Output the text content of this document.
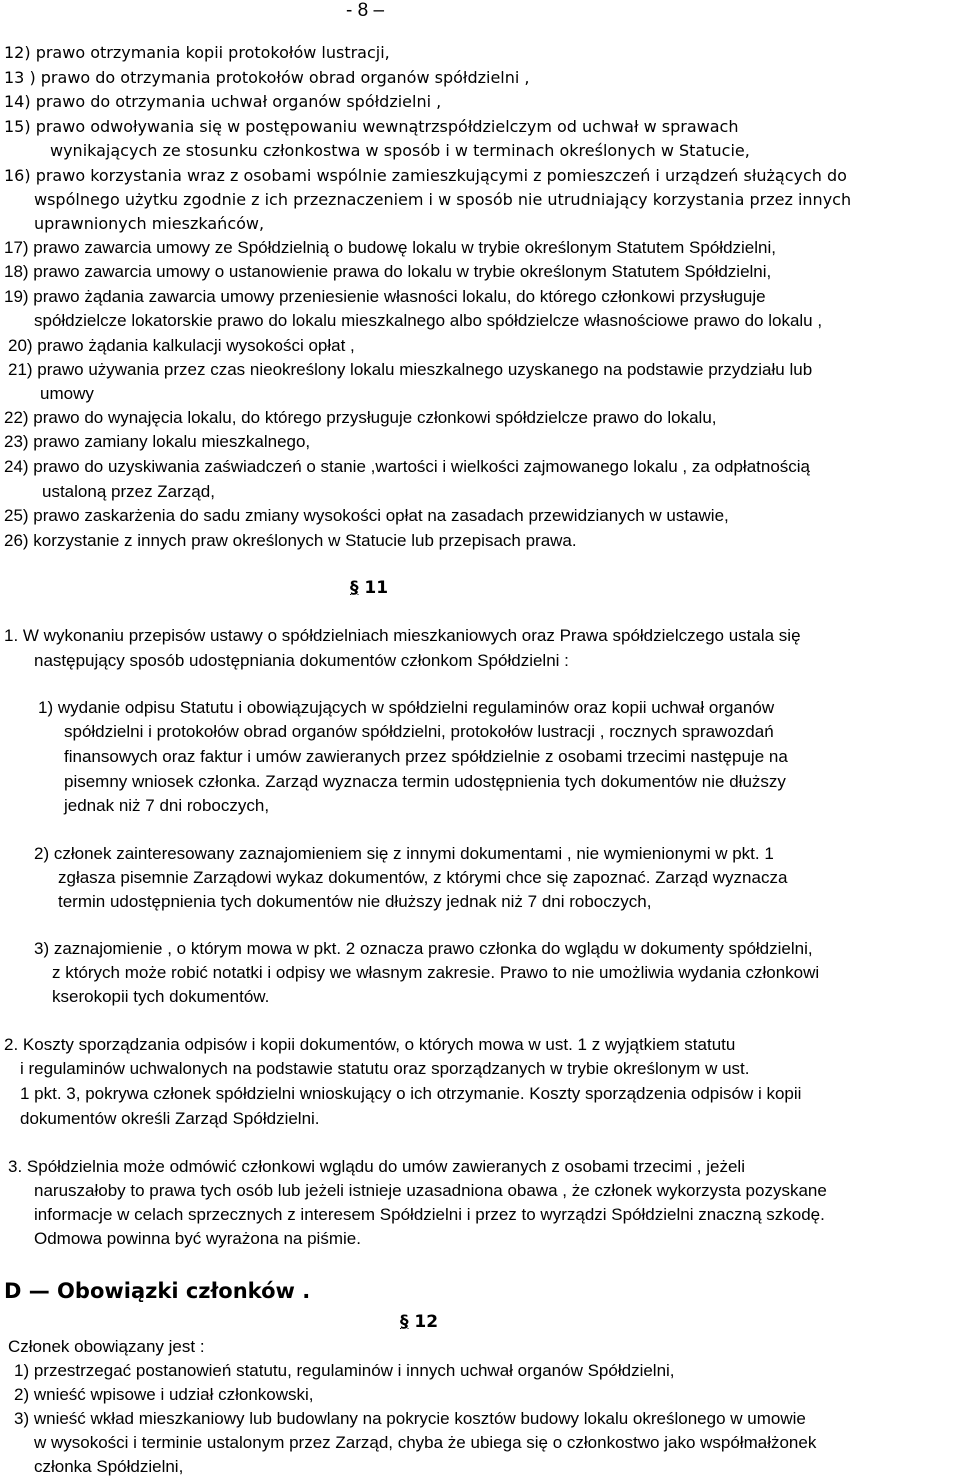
- 8 –
12) prawo otrzymania kopii protokołów lustracji,
13 ) prawo do otrzymania protokołów obrad organów spółdzielni ,
14) prawo do otrzymania uchwał organów spółdzielni ,
15) prawo odwoływania się w postępowaniu wewnątrzspółdzielczym od uchwał w sprawach
wynikających ze stosunku członkostwa w sposób i w terminach określonych w Statucie,
16) prawo korzystania wraz z osobami wspólnie zamieszkującymi z pomieszczeń i urządzeń służących do
wspólnego użytku zgodnie z ich przeznaczeniem i w sposób nie utrudniający korzystania przez innych
uprawnionych mieszkańców,
17) prawo zawarcia umowy ze Spółdzielnią o budowę lokalu w trybie określonym Statutem Spółdzielni,
18) prawo zawarcia umowy o ustanowienie prawa do lokalu w trybie określonym Statutem Spółdzielni,
19) prawo żądania zawarcia umowy przeniesienie własności lokalu, do którego członkowi przysługuje
spółdzielcze lokatorskie prawo do lokalu mieszkalnego albo spółdzielcze własnościowe prawo do lokalu ,
20) prawo żądania kalkulacji wysokości opłat ,
21) prawo używania przez czas nieokreślony lokalu mieszkalnego uzyskanego na podstawie przydziału lub
umowy
22) prawo do wynajęcia lokalu, do którego przysługuje członkowi spółdzielcze prawo do lokalu,
23) prawo zamiany lokalu mieszkalnego,
24) prawo do uzyskiwania zaświadczeń o stanie ,wartości i wielkości zajmowanego lokalu , za odpłatnością
ustaloną przez Zarząd,
25) prawo zaskarżenia do sadu zmiany wysokości opłat na zasadach przewidzianych w ustawie,
26) korzystanie z innych praw określonych w Statucie lub przepisach prawa.
§ 11
1. W wykonaniu przepisów ustawy o spółdzielniach mieszkaniowych oraz Prawa spółdzielczego ustala się
następujący sposób udostępniania dokumentów członkom Spółdzielni :
1) wydanie odpisu Statutu i obowiązujących w spółdzielni regulaminów oraz kopii uchwał organów
spółdzielni i protokołów obrad organów spółdzielni, protokołów lustracji , rocznych sprawozdań
finansowych oraz faktur i umów zawieranych przez spółdzielnie z osobami trzecimi następuje na
pisemny wniosek członka. Zarząd wyznacza termin udostępnienia tych dokumentów nie dłuższy
jednak niż 7 dni roboczych,
2) członek zainteresowany zaznajomieniem się z innymi dokumentami , nie wymienionymi w pkt. 1
zgłasza pisemnie Zarządowi wykaz dokumentów, z którymi chce się zapoznać. Zarząd wyznacza
termin udostępnienia tych dokumentów nie dłuższy jednak niż 7 dni roboczych,
3) zaznajomienie , o którym mowa w pkt. 2 oznacza prawo członka do wglądu w dokumenty spółdzielni,
z których może robić notatki i odpisy we własnym zakresie. Prawo to nie umożliwia wydania członkowi
kserokopii tych dokumentów.
2. Koszty sporządzania odpisów i kopii dokumentów, o których mowa w ust. 1 z wyjątkiem statutu
i regulaminów uchwalonych na podstawie statutu oraz sporządzanych w trybie określonym w ust.
1 pkt. 3, pokrywa członek spółdzielni wnioskujący o ich otrzymanie. Koszty sporządzenia odpisów i kopii
dokumentów określi Zarząd Spółdzielni.
3. Spółdzielnia może odmówić członkowi wglądu do umów zawieranych z osobami trzecimi , jeżeli
naruszałoby to prawa tych osób lub jeżeli istnieje uzasadniona obawa , że członek wykorzysta pozyskane
informacje w celach sprzecznych z interesem Spółdzielni i przez to wyrządzi Spółdzielni znaczną szkodę.
Odmowa powinna być wyrażona na piśmie.
D — Obowiązki członków .
§ 12
Członek obowiązany jest :
1) przestrzegać postanowień statutu, regulaminów i innych uchwał organów Spółdzielni,
2) wnieść wpisowe i udział członkowski,
3) wnieść wkład mieszkaniowy lub budowlany na pokrycie kosztów budowy lokalu określonego w umowie
w wysokości i terminie ustalonym przez Zarząd, chyba że ubiega się o członkostwo jako współmałżonek
członka Spółdzielni,
